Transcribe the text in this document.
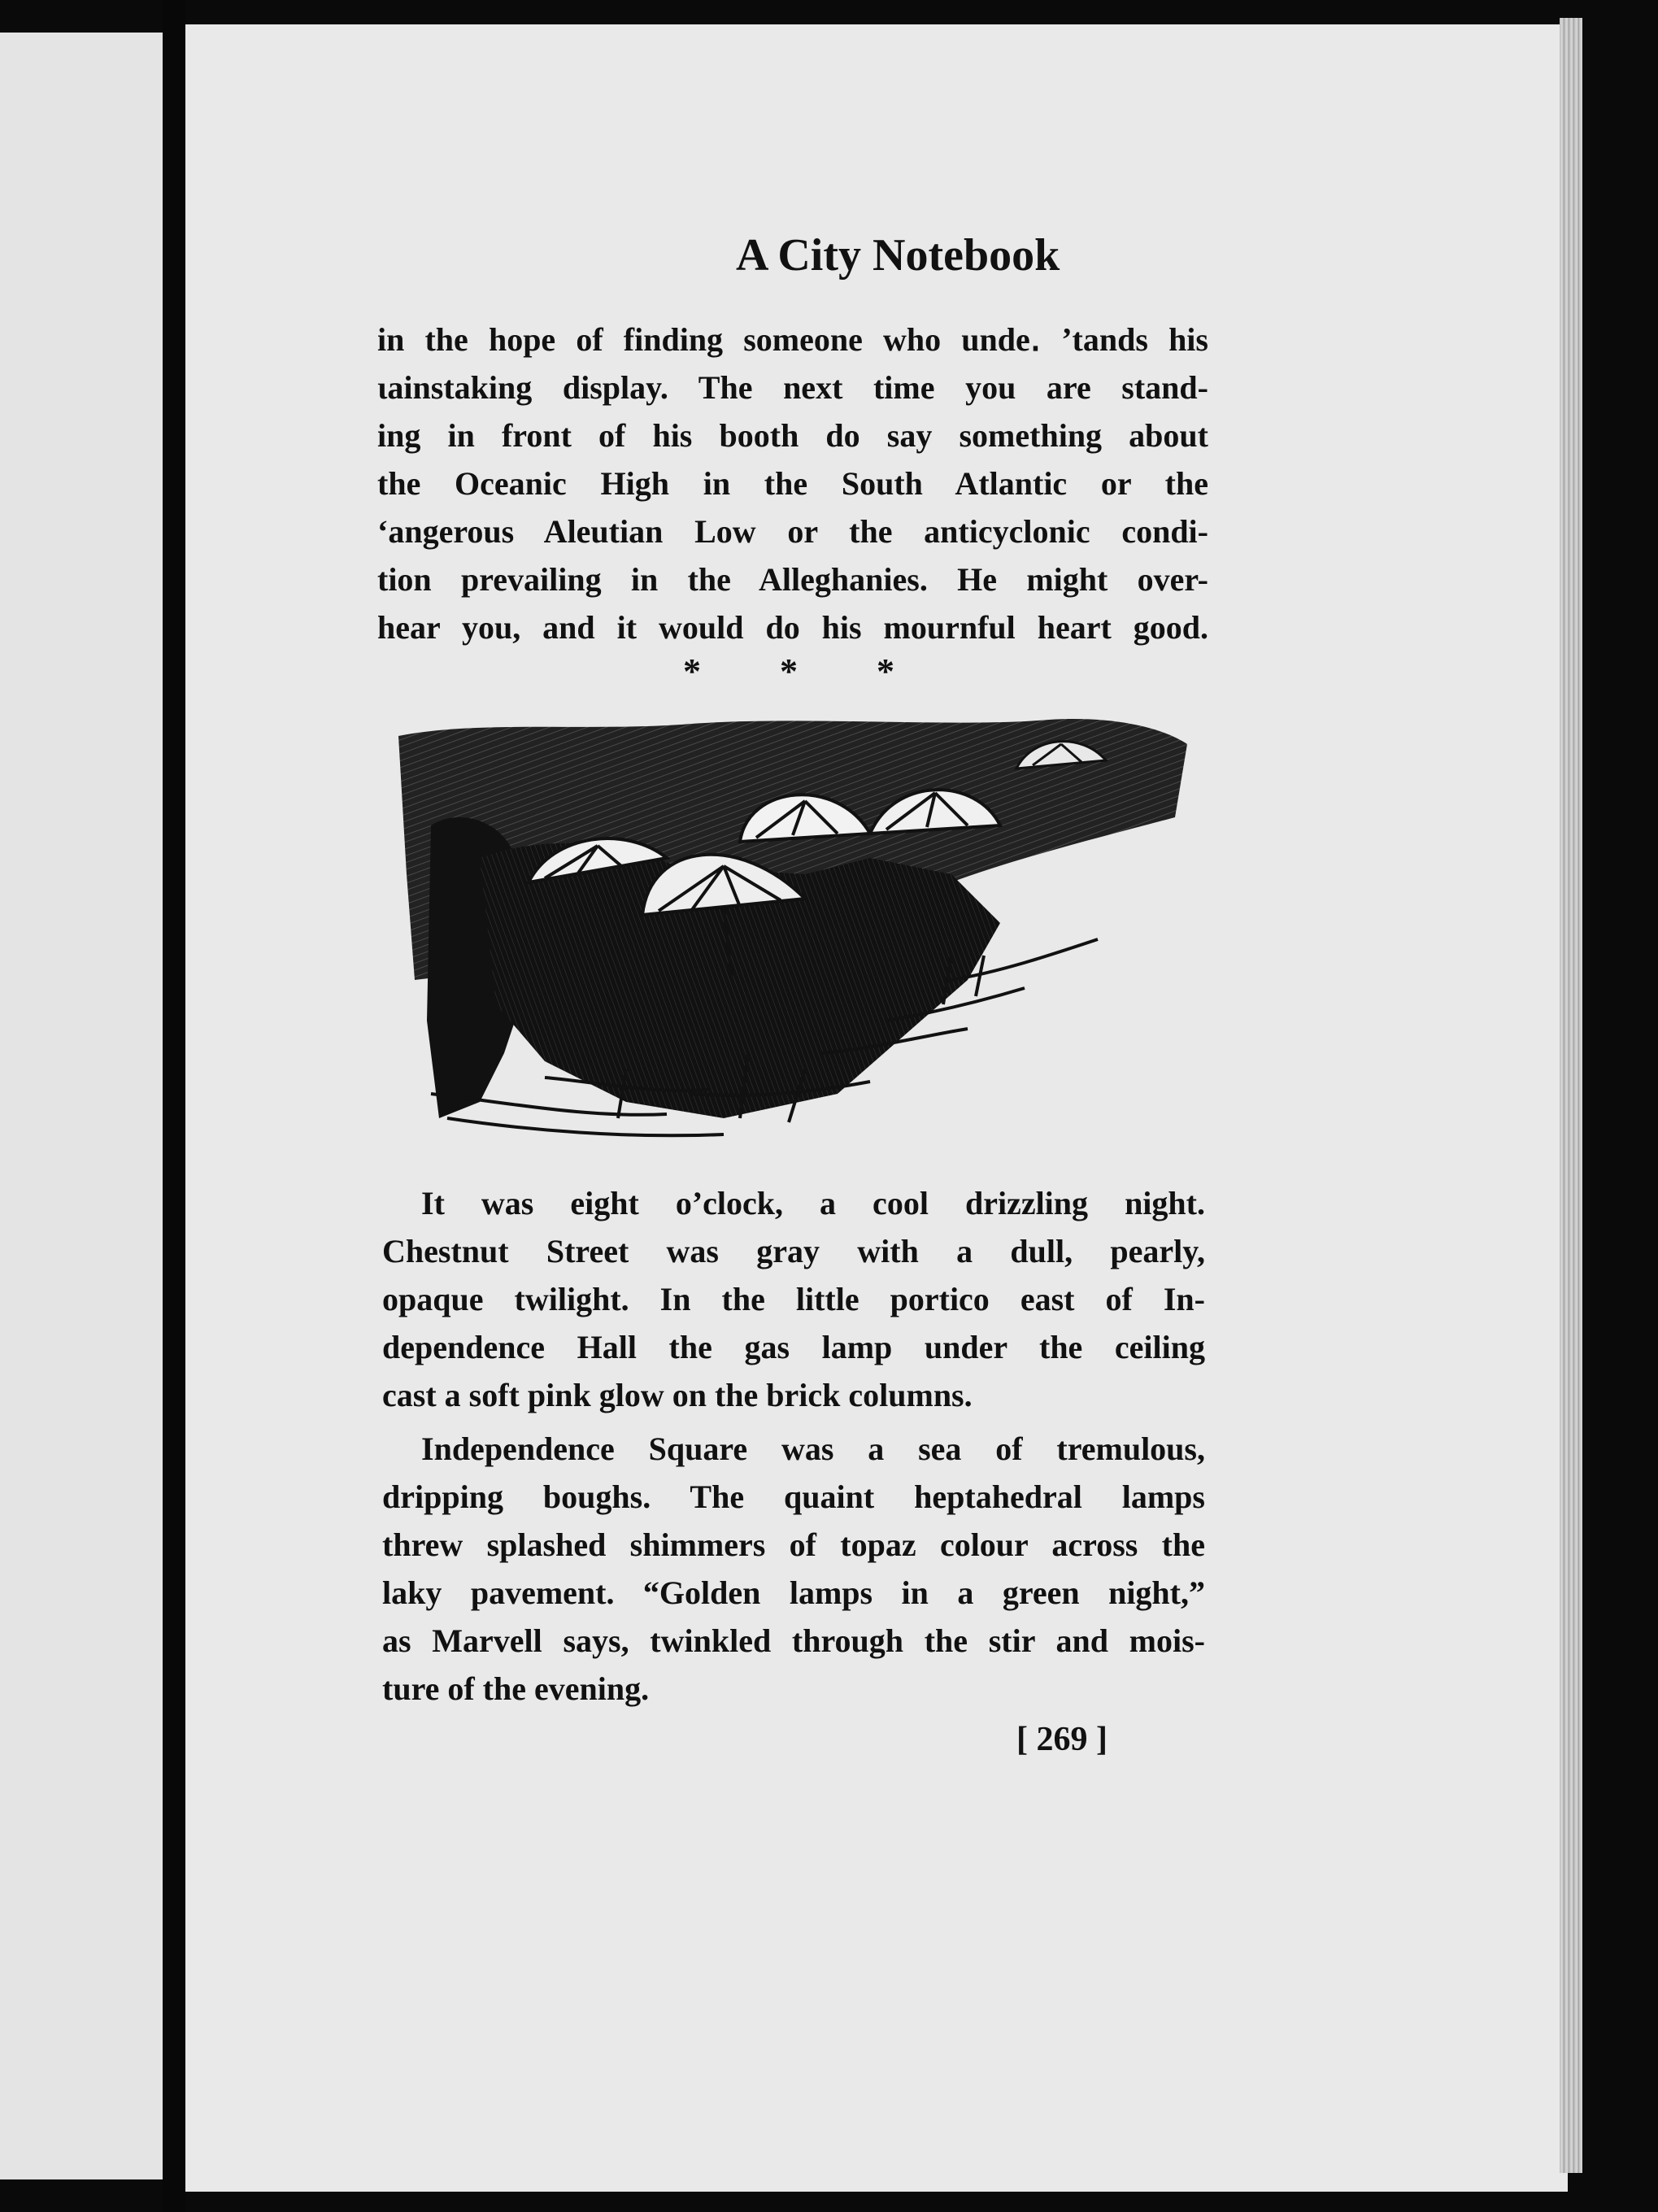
A City Notebook
in the hope of finding someone who unde․ ʼtands his
ɩainstaking display. The next time you are stand-
ing in front of his booth do say something about
the Oceanic High in the South Atlantic or the
ʻangerous Aleutian Low or the anticyclonic condi-
tion prevailing in the Alleghanies. He might over-
hear you, and it would do his mournful heart good.
* * *
It was eight o’clock, a cool drizzling night.
Chestnut Street was gray with a dull, pearly,
opaque twilight. In the little portico east of In-
dependence Hall the gas lamp under the ceiling
cast a soft pink glow on the brick columns.
Independence Square was a sea of tremulous,
dripping boughs. The quaint heptahedral lamps
threw splashed shimmers of topaz colour across the
laky pavement. “Golden lamps in a green night,”
as Marvell says, twinkled through the stir and mois-
ture of the evening.
[ 269 ]
